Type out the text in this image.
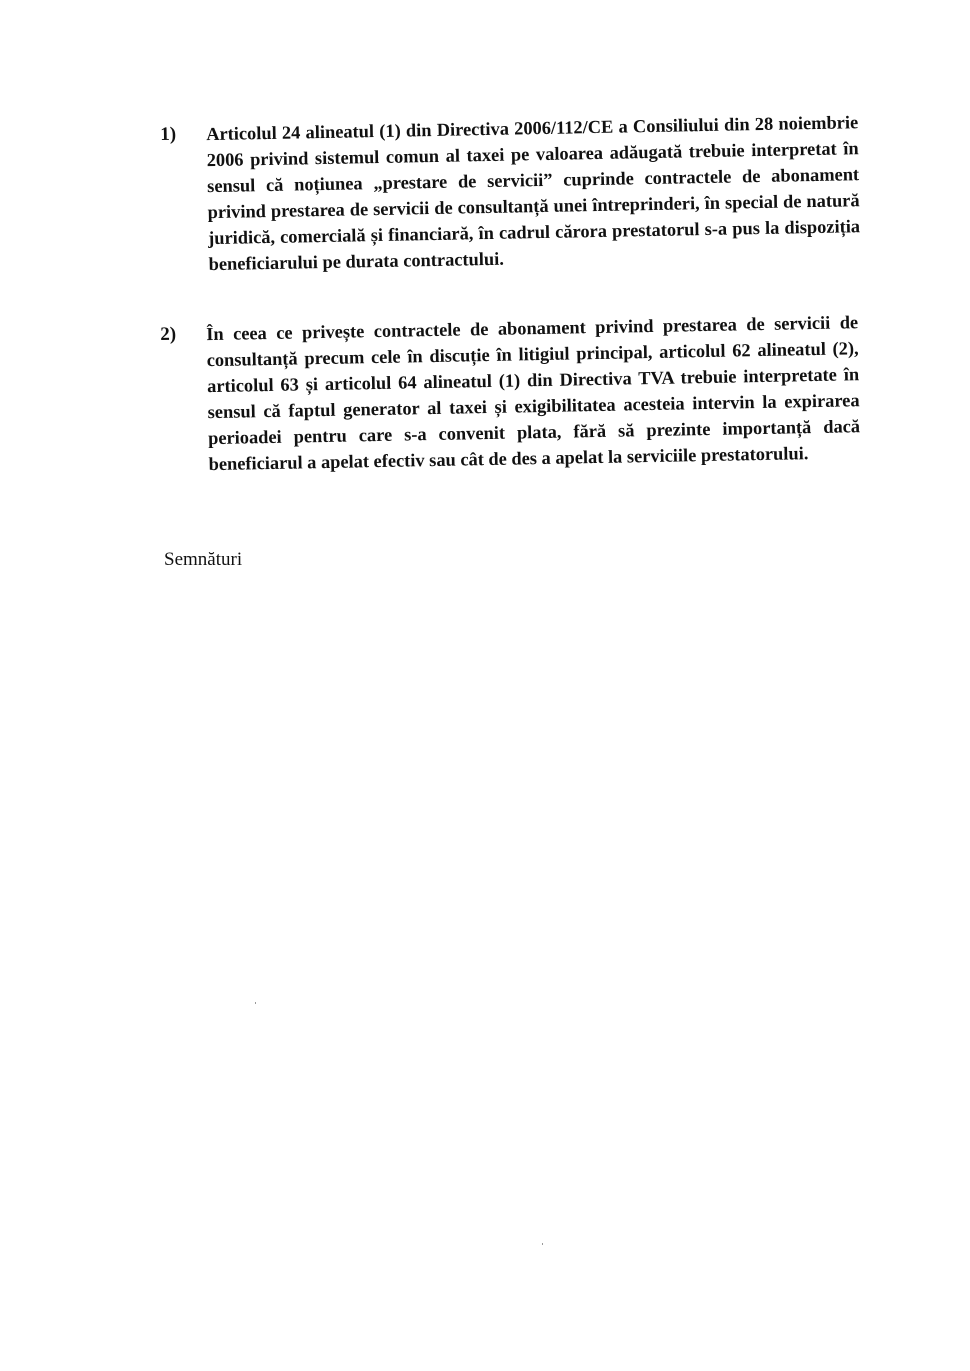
1) Articolul 24 alineatul (1) din Directiva 2006/112/CE a Consiliului din 28 noiembrie 2006 privind sistemul comun al taxei pe valoarea adăugată trebuie interpretat în sensul că noțiunea „prestare de servicii” cuprinde contractele de abonament privind prestarea de servicii de consultanță unei întreprinderi, în special de natură juridică, comercială și financiară, în cadrul cărora prestatorul s-a pus la dispoziția beneficiarului pe durata contractului.
2) În ceea ce privește contractele de abonament privind prestarea de servicii de consultanță precum cele în discuție în litigiul principal, articolul 62 alineatul (2), articolul 63 și articolul 64 alineatul (1) din Directiva TVA trebuie interpretate în sensul că faptul generator al taxei și exigibilitatea acesteia intervin la expirarea perioadei pentru care s-a convenit plata, fără să prezinte importanță dacă beneficiarul a apelat efectiv sau cât de des a apelat la serviciile prestatorului.
Semnături
